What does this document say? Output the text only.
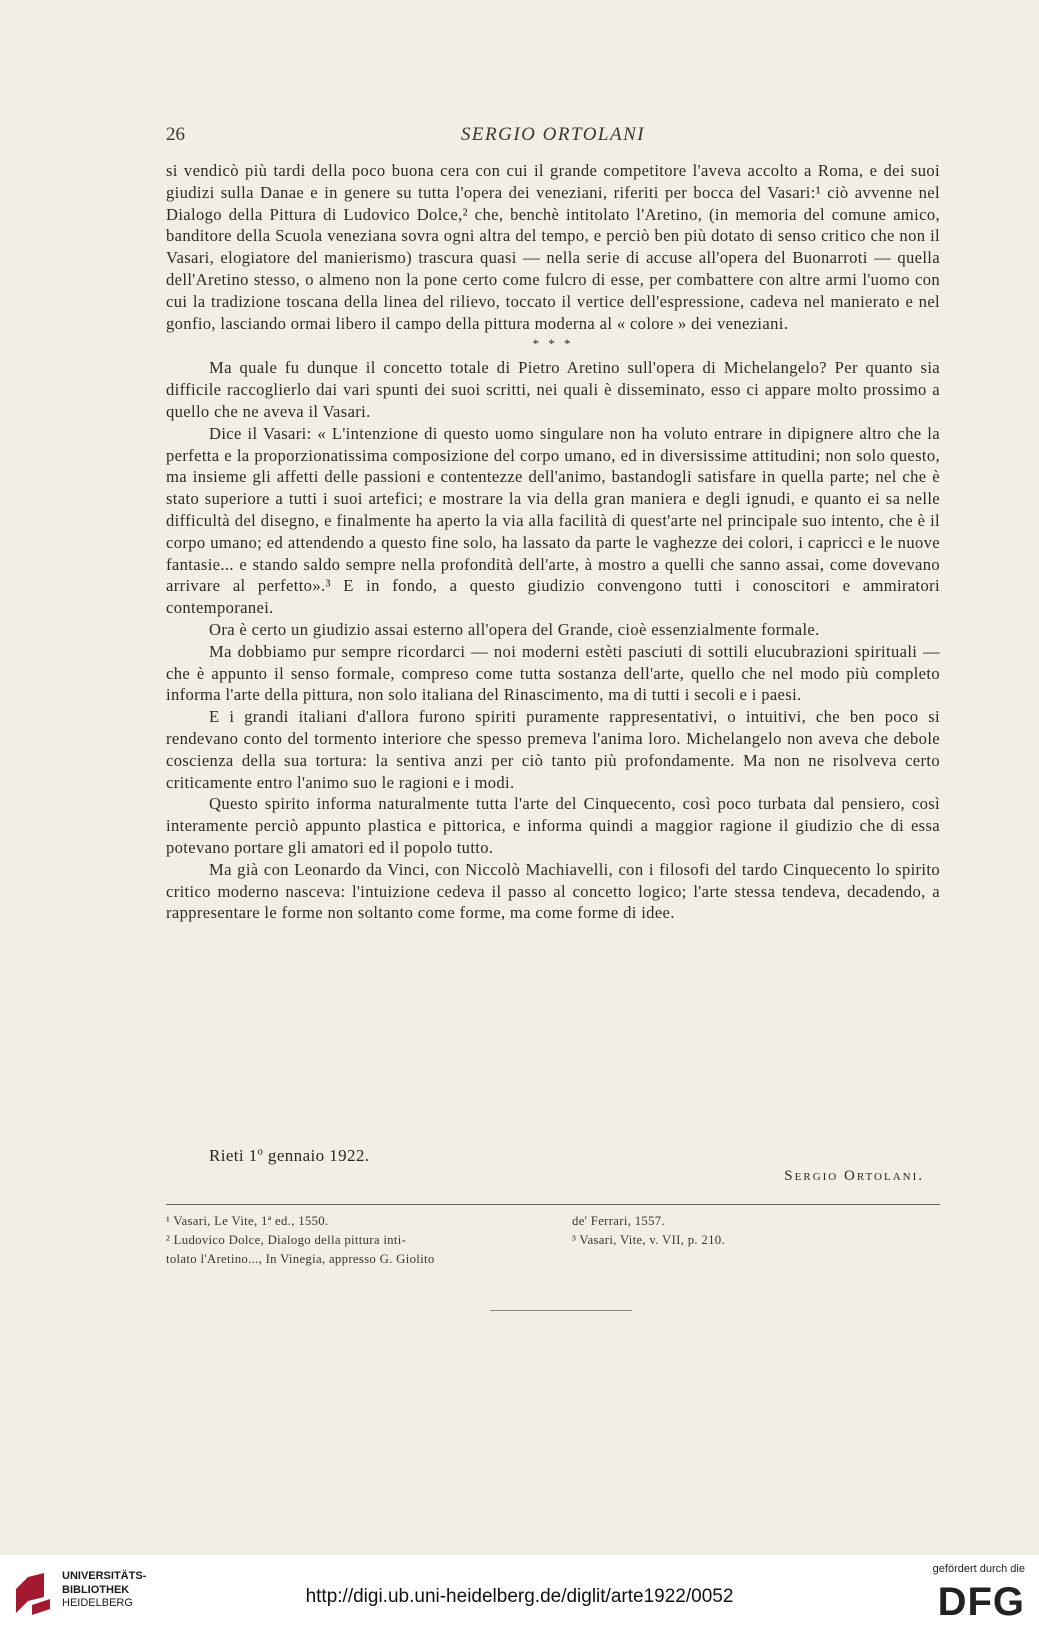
26	SERGIO ORTOLANI

si vendicò più tardi della poco buona cera con cui il grande competitore l'aveva accolto a Roma, e dei suoi giudizi sulla Danae e in genere su tutta l'opera dei veneziani, riferiti per bocca del Vasari:¹ ciò avvenne nel Dialogo della Pittura di Ludovico Dolce,² che, benchè intitolato l'Aretino, (in memoria del comune amico, banditore della Scuola veneziana sovra ogni altra del tempo, e perciò ben più dotato di senso critico che non il Vasari, elogiatore del manierismo) trascura quasi — nella serie di accuse all'opera del Buonarroti — quella dell'Aretino stesso, o almeno non la pone certo come fulcro di esse, per combattere con altre armi l'uomo con cui la tradizione toscana della linea del rilievo, toccato il vertice dell'espressione, cadeva nel manierato e nel gonfio, lasciando ormai libero il campo della pittura moderna al « colore » dei veneziani.

* * *

Ma quale fu dunque il concetto totale di Pietro Aretino sull'opera di Michelangelo? Per quanto sia difficile raccoglierlo dai vari spunti dei suoi scritti, nei quali è disseminato, esso ci appare molto prossimo a quello che ne aveva il Vasari.

Dice il Vasari: « L'intenzione di questo uomo singulare non ha voluto entrare in dipignere altro che la perfetta e la proporzionatissima composizione del corpo umano, ed in diversissime attitudini; non solo questo, ma insieme gli affetti delle passioni e contentezze dell'animo, bastandogli satisfare in quella parte; nel che è stato superiore a tutti i suoi artefici; e mostrare la via della gran maniera e degli ignudi, e quanto ei sa nelle difficultà del disegno, e finalmente ha aperto la via alla facilità di quest'arte nel principale suo intento, che è il corpo umano; ed attendendo a questo fine solo, ha lassato da parte le vaghezze dei colori, i capricci e le nuove fantasie... e stando saldo sempre nella profondità dell'arte, à mostro a quelli che sanno assai, come dovevano arrivare al perfetto».³ E in fondo, a questo giudizio convengono tutti i conoscitori e ammiratori contemporanei.

Ora è certo un giudizio assai esterno all'opera del Grande, cioè essenzialmente formale.

Ma dobbiamo pur sempre ricordarci — noi moderni estèti pasciuti di sottili elucubrazioni spirituali — che è appunto il senso formale, compreso come tutta sostanza dell'arte, quello che nel modo più completo informa l'arte della pittura, non solo italiana del Rinascimento, ma di tutti i secoli e i paesi.

E i grandi italiani d'allora furono spiriti puramente rappresentativi, o intuitivi, che ben poco si rendevano conto del tormento interiore che spesso premeva l'anima loro. Michelangelo non aveva che debole coscienza della sua tortura: la sentiva anzi per ciò tanto più profondamente. Ma non ne risolveva certo criticamente entro l'animo suo le ragioni e i modi.

Questo spirito informa naturalmente tutta l'arte del Cinquecento, così poco turbata dal pensiero, così interamente perciò appunto plastica e pittorica, e informa quindi a maggior ragione il giudizio che di essa potevano portare gli amatori ed il popolo tutto.

Ma già con Leonardo da Vinci, con Niccolò Machiavelli, con i filosofi del tardo Cinquecento lo spirito critico moderno nasceva: l'intuizione cedeva il passo al concetto logico; l'arte stessa tendeva, decadendo, a rappresentare le forme non soltanto come forme, ma come forme di idee.

Rieti 1º gennaio 1922.
Sergio Ortolani.
¹ Vasari, Le Vite, 1ª ed., 1550.
² Ludovico Dolce, Dialogo della pittura inti-
tolato l'Aretino..., In Vinegia, appresso G. Giolito
de' Ferrari, 1557.
³ Vasari, Vite, v. VII, p. 210.
UNIVERSITÄTS-
BIBLIOTHEK
HEIDELBERG	http://digi.ub.uni-heidelberg.de/diglit/arte1922/0052
gefördert durch die
DFG
